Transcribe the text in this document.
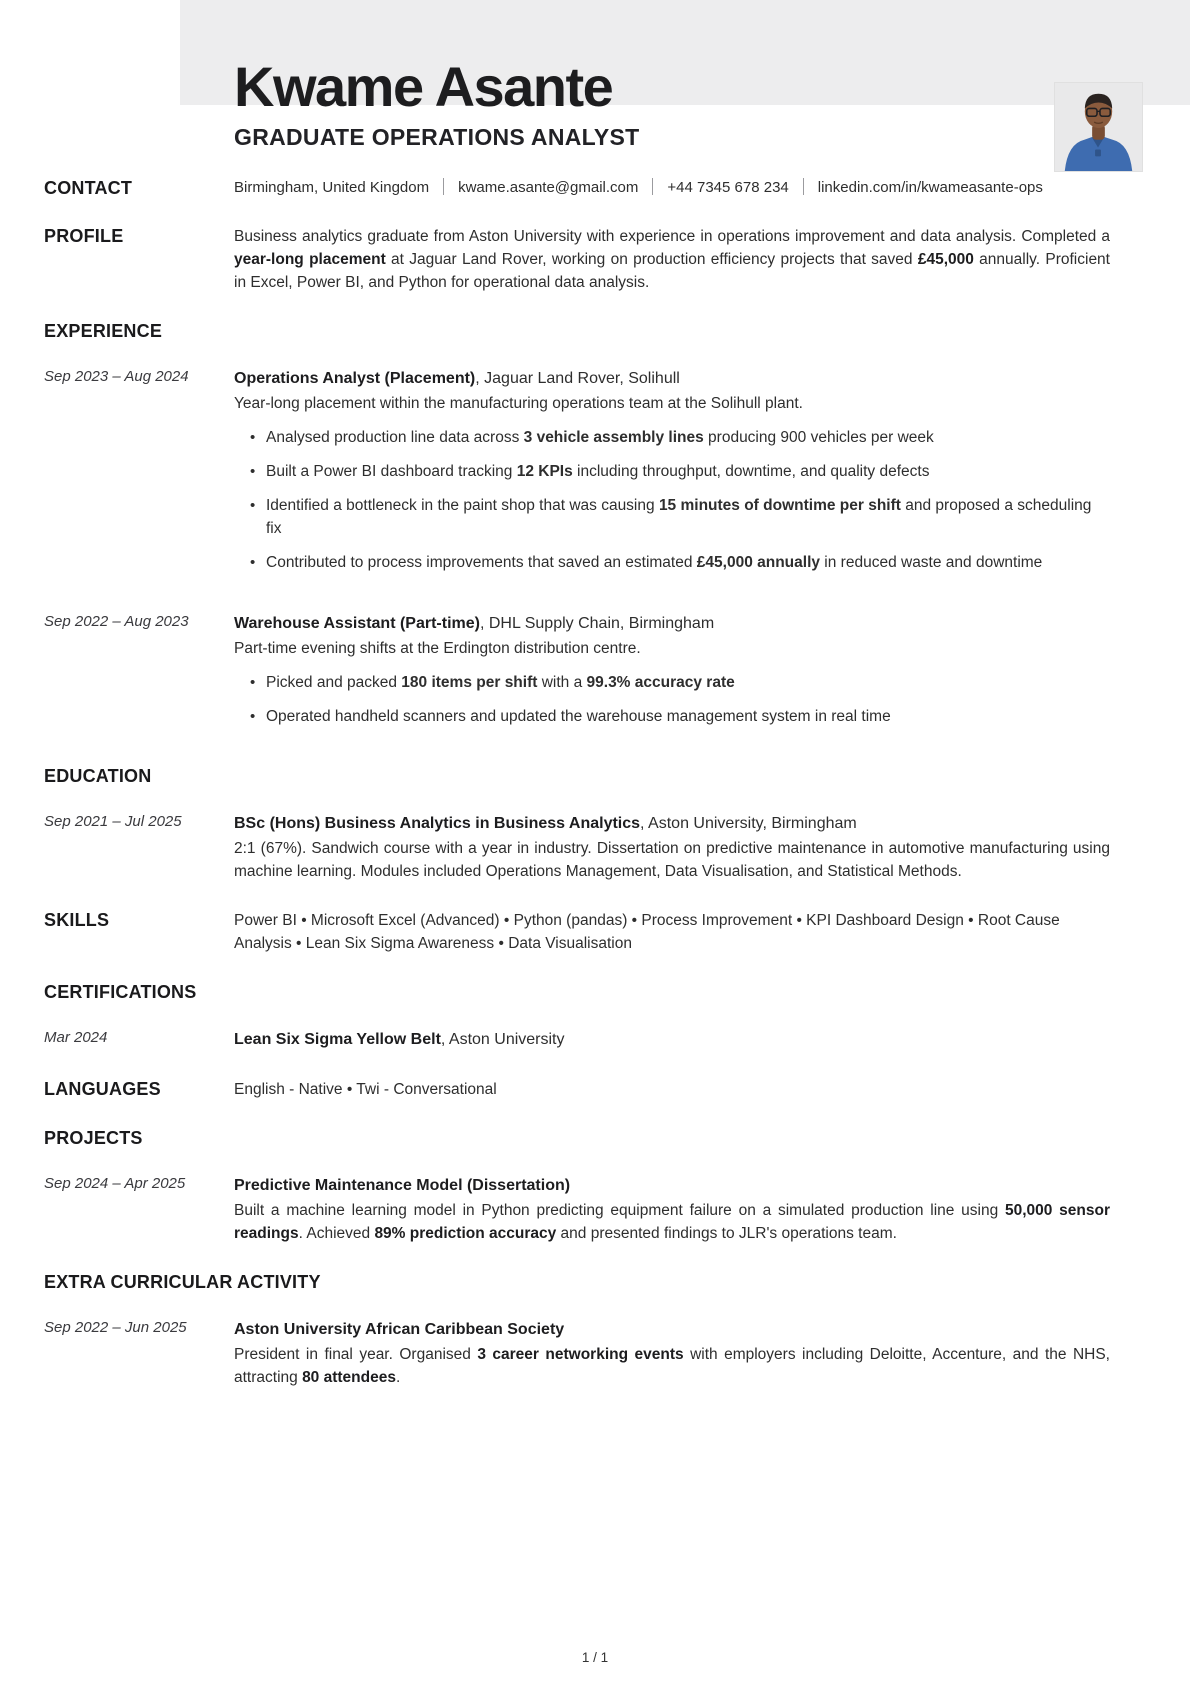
Kwame Asante
GRADUATE OPERATIONS ANALYST
CONTACT	Birmingham, United Kingdom kwame.asante@gmail.com +44 7345 678 234 linkedin.com/in/kwameasante-ops
PROFILE	Business analytics graduate from Aston University with experience in operations improvement and data analysis. Completed a year-long placement at Jaguar Land Rover, working on production efficiency projects that saved £45,000 annually. Proficient in Excel, Power BI, and Python for operational data analysis.
EXPERIENCE
Sep 2023 – Aug 2024	Operations Analyst (Placement), Jaguar Land Rover, Solihull
Year-long placement within the manufacturing operations team at the Solihull plant.
• Analysed production line data across 3 vehicle assembly lines producing 900 vehicles per week
• Built a Power BI dashboard tracking 12 KPIs including throughput, downtime, and quality defects
• Identified a bottleneck in the paint shop that was causing 15 minutes of downtime per shift and proposed a scheduling fix
• Contributed to process improvements that saved an estimated £45,000 annually in reduced waste and downtime
Sep 2022 – Aug 2023	Warehouse Assistant (Part-time), DHL Supply Chain, Birmingham
Part-time evening shifts at the Erdington distribution centre.
• Picked and packed 180 items per shift with a 99.3% accuracy rate
• Operated handheld scanners and updated the warehouse management system in real time
EDUCATION
Sep 2021 – Jul 2025	BSc (Hons) Business Analytics in Business Analytics, Aston University, Birmingham
2:1 (67%). Sandwich course with a year in industry. Dissertation on predictive maintenance in automotive manufacturing using machine learning. Modules included Operations Management, Data Visualisation, and Statistical Methods.
SKILLS	Power BI • Microsoft Excel (Advanced) • Python (pandas) • Process Improvement • KPI Dashboard Design • Root Cause Analysis • Lean Six Sigma Awareness • Data Visualisation
CERTIFICATIONS
Mar 2024	Lean Six Sigma Yellow Belt, Aston University
LANGUAGES	English - Native • Twi - Conversational
PROJECTS
Sep 2024 – Apr 2025	Predictive Maintenance Model (Dissertation)
Built a machine learning model in Python predicting equipment failure on a simulated production line using 50,000 sensor readings. Achieved 89% prediction accuracy and presented findings to JLR's operations team.
EXTRA CURRICULAR ACTIVITY
Sep 2022 – Jun 2025	Aston University African Caribbean Society
President in final year. Organised 3 career networking events with employers including Deloitte, Accenture, and the NHS, attracting 80 attendees.
1 / 1
